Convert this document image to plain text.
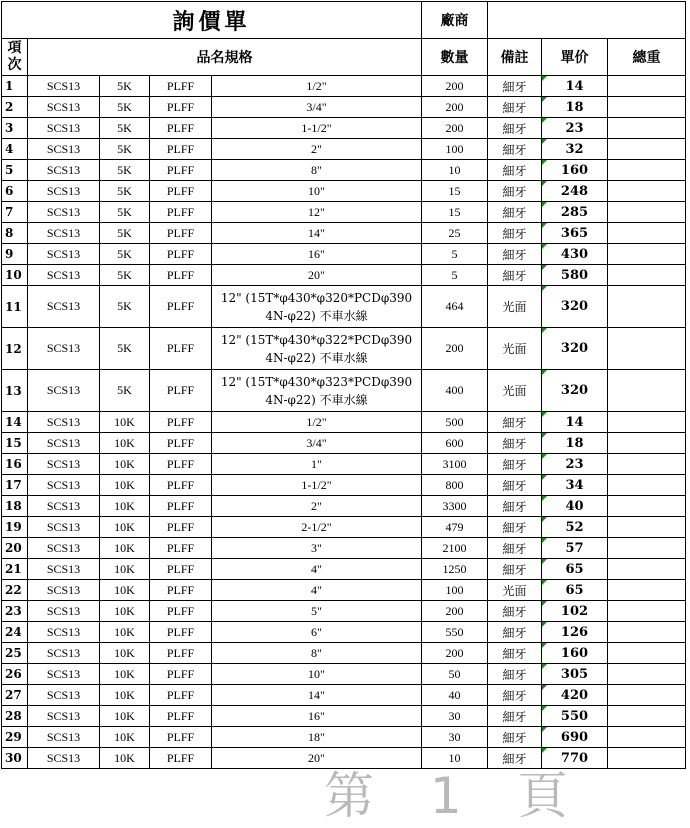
詢價單					廠商			
項次	品名規格				數量	備註	單价	總重
1	SCS13	5K	PLFF	1/2"	200	細牙	14	
2	SCS13	5K	PLFF	3/4"	200	細牙	18	
3	SCS13	5K	PLFF	1-1/2"	200	細牙	23	
4	SCS13	5K	PLFF	2"	100	細牙	32	
5	SCS13	5K	PLFF	8"	10	細牙	160	
6	SCS13	5K	PLFF	10"	15	細牙	248	
7	SCS13	5K	PLFF	12"	15	細牙	285	
8	SCS13	5K	PLFF	14"	25	細牙	365	
9	SCS13	5K	PLFF	16"	5	細牙	430	
10	SCS13	5K	PLFF	20"	5	細牙	580	
11	SCS13	5K	PLFF	12" (15T*φ430*φ320*PCDφ390 4N-φ22) 不車水線	464	光面	320	
12	SCS13	5K	PLFF	12" (15T*φ430*φ322*PCDφ390 4N-φ22) 不車水線	200	光面	320	
13	SCS13	5K	PLFF	12" (15T*φ430*φ323*PCDφ390 4N-φ22) 不車水線	400	光面	320	
14	SCS13	10K	PLFF	1/2"	500	細牙	14	
15	SCS13	10K	PLFF	3/4"	600	細牙	18	
16	SCS13	10K	PLFF	1"	3100	細牙	23	
17	SCS13	10K	PLFF	1-1/2"	800	細牙	34	
18	SCS13	10K	PLFF	2"	3300	細牙	40	
19	SCS13	10K	PLFF	2-1/2"	479	細牙	52	
20	SCS13	10K	PLFF	3"	2100	細牙	57	
21	SCS13	10K	PLFF	4"	1250	細牙	65	
22	SCS13	10K	PLFF	4"	100	光面	65	
23	SCS13	10K	PLFF	5"	200	細牙	102	
24	SCS13	10K	PLFF	6"	550	細牙	126	
25	SCS13	10K	PLFF	8"	200	細牙	160	
26	SCS13	10K	PLFF	10"	50	細牙	305	
27	SCS13	10K	PLFF	14"	40	細牙	420	
28	SCS13	10K	PLFF	16"	30	細牙	550	
29	SCS13	10K	PLFF	18"	30	細牙	690	
30	SCS13	10K	PLFF	20"	10	細牙	770	
第 1 頁
